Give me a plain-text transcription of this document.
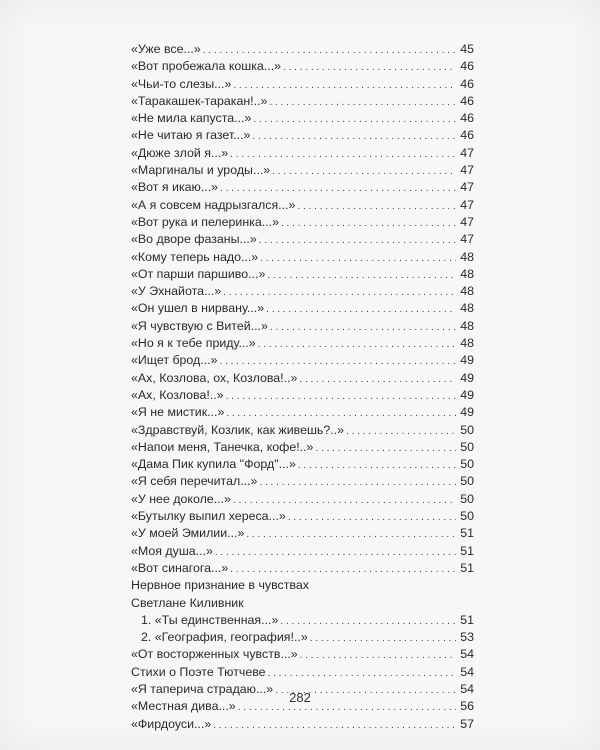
«Уже все...» . . .	45
«Вот пробежала кошка...» . . .	46
«Чьи-то слезы...» . . .	46
«Таракашек-таракан!..» . . .	46
«Не мила капуста...» . . .	46
«Не читаю я газет...» . . .	46
«Дюже злой я...» . . .	47
«Маргиналы и уроды...» . . .	47
«Вот я икаю...» . . .	47
«А я совсем надрызгался...» . . .	47
«Вот рука и пелеринка...» . . .	47
«Во дворе фазаны...» . . .	47
«Кому теперь надо...» . . .	48
«От парши паршиво...» . . .	48
«У Эхнайота...» . . .	48
«Он ушел в нирвану...» . . .	48
«Я чувствую с Витей...» . . .	48
«Но я к тебе приду...» . . .	48
«Ищет брод...» . . .	49
«Ах, Козлова, ох, Козлова!..» . . .	49
«Ах, Козлова!..» . . .	49
«Я не мистик...» . . .	49
«Здравствуй, Козлик, как живешь?..» . . .	50
«Напои меня, Танечка, кофе!..» . . .	50
«Дама Пик купила "Форд"...» . . .	50
«Я себя перечитал...» . . .	50
«У нее доколе...» . . .	50
«Бутылку выпил хереса...» . . .	50
«У моей Эмилии...» . . .	51
«Моя душа...» . . .	51
«Вот синагога...» . . .	51
Нервное признание в чувствах
Светлане Киливник
1. «Ты единственная...» . . .	51
2. «География, география!..» . . .	53
«От восторженных чувств...» . . .	54
Стихи о Поэте Тютчеве . . .	54
«Я таперича страдаю...» . . .	54
«Местная дива...» . . .	56
«Фирдоуси...» . . .	57
282
